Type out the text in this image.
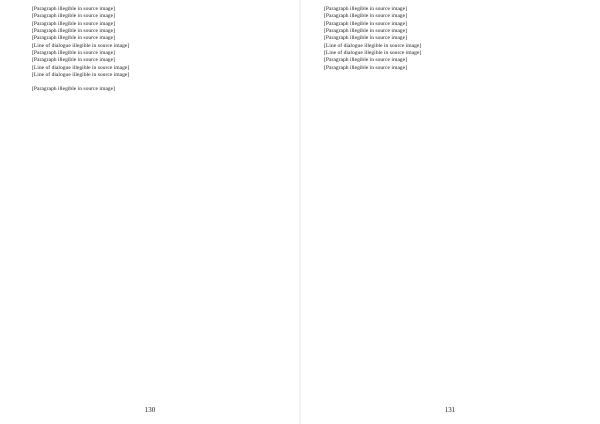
[Paragraph illegible in source image]

[Paragraph illegible in source image]

[Paragraph illegible in source image]

[Paragraph illegible in source image]

[Paragraph illegible in source image]

[Line of dialogue illegible in source image]

[Paragraph illegible in source image]

[Paragraph illegible in source image]

[Line of dialogue illegible in source image]

[Line of dialogue illegible in source image]

[Paragraph illegible in source image]

130

[Paragraph illegible in source image]

[Paragraph illegible in source image]

[Paragraph illegible in source image]

[Paragraph illegible in source image]

[Paragraph illegible in source image]

[Line of dialogue illegible in source image]

[Line of dialogue illegible in source image]

[Paragraph illegible in source image]

[Paragraph illegible in source image]

131
